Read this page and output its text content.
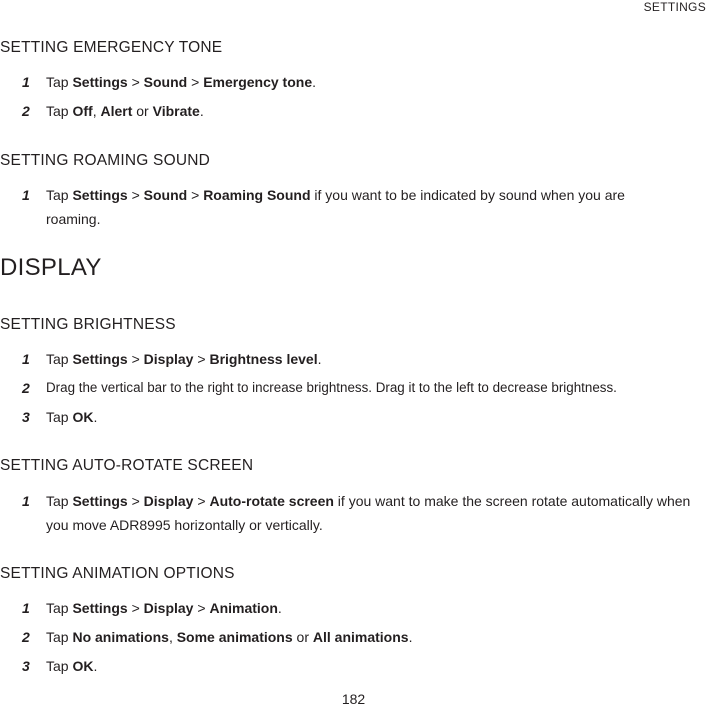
SETTINGS
SETTING EMERGENCY TONE
1 Tap Settings > Sound > Emergency tone.
2 Tap Off, Alert or Vibrate.
SETTING ROAMING SOUND
1 Tap Settings > Sound > Roaming Sound if you want to be indicated by sound when you are roaming.
DISPLAY
SETTING BRIGHTNESS
1 Tap Settings > Display > Brightness level.
2 Drag the vertical bar to the right to increase brightness. Drag it to the left to decrease brightness.
3 Tap OK.
SETTING AUTO-ROTATE SCREEN
1 Tap Settings > Display > Auto-rotate screen if you want to make the screen rotate automatically when you move ADR8995 horizontally or vertically.
SETTING ANIMATION OPTIONS
1 Tap Settings > Display > Animation.
2 Tap No animations, Some animations or All animations.
3 Tap OK.
182
